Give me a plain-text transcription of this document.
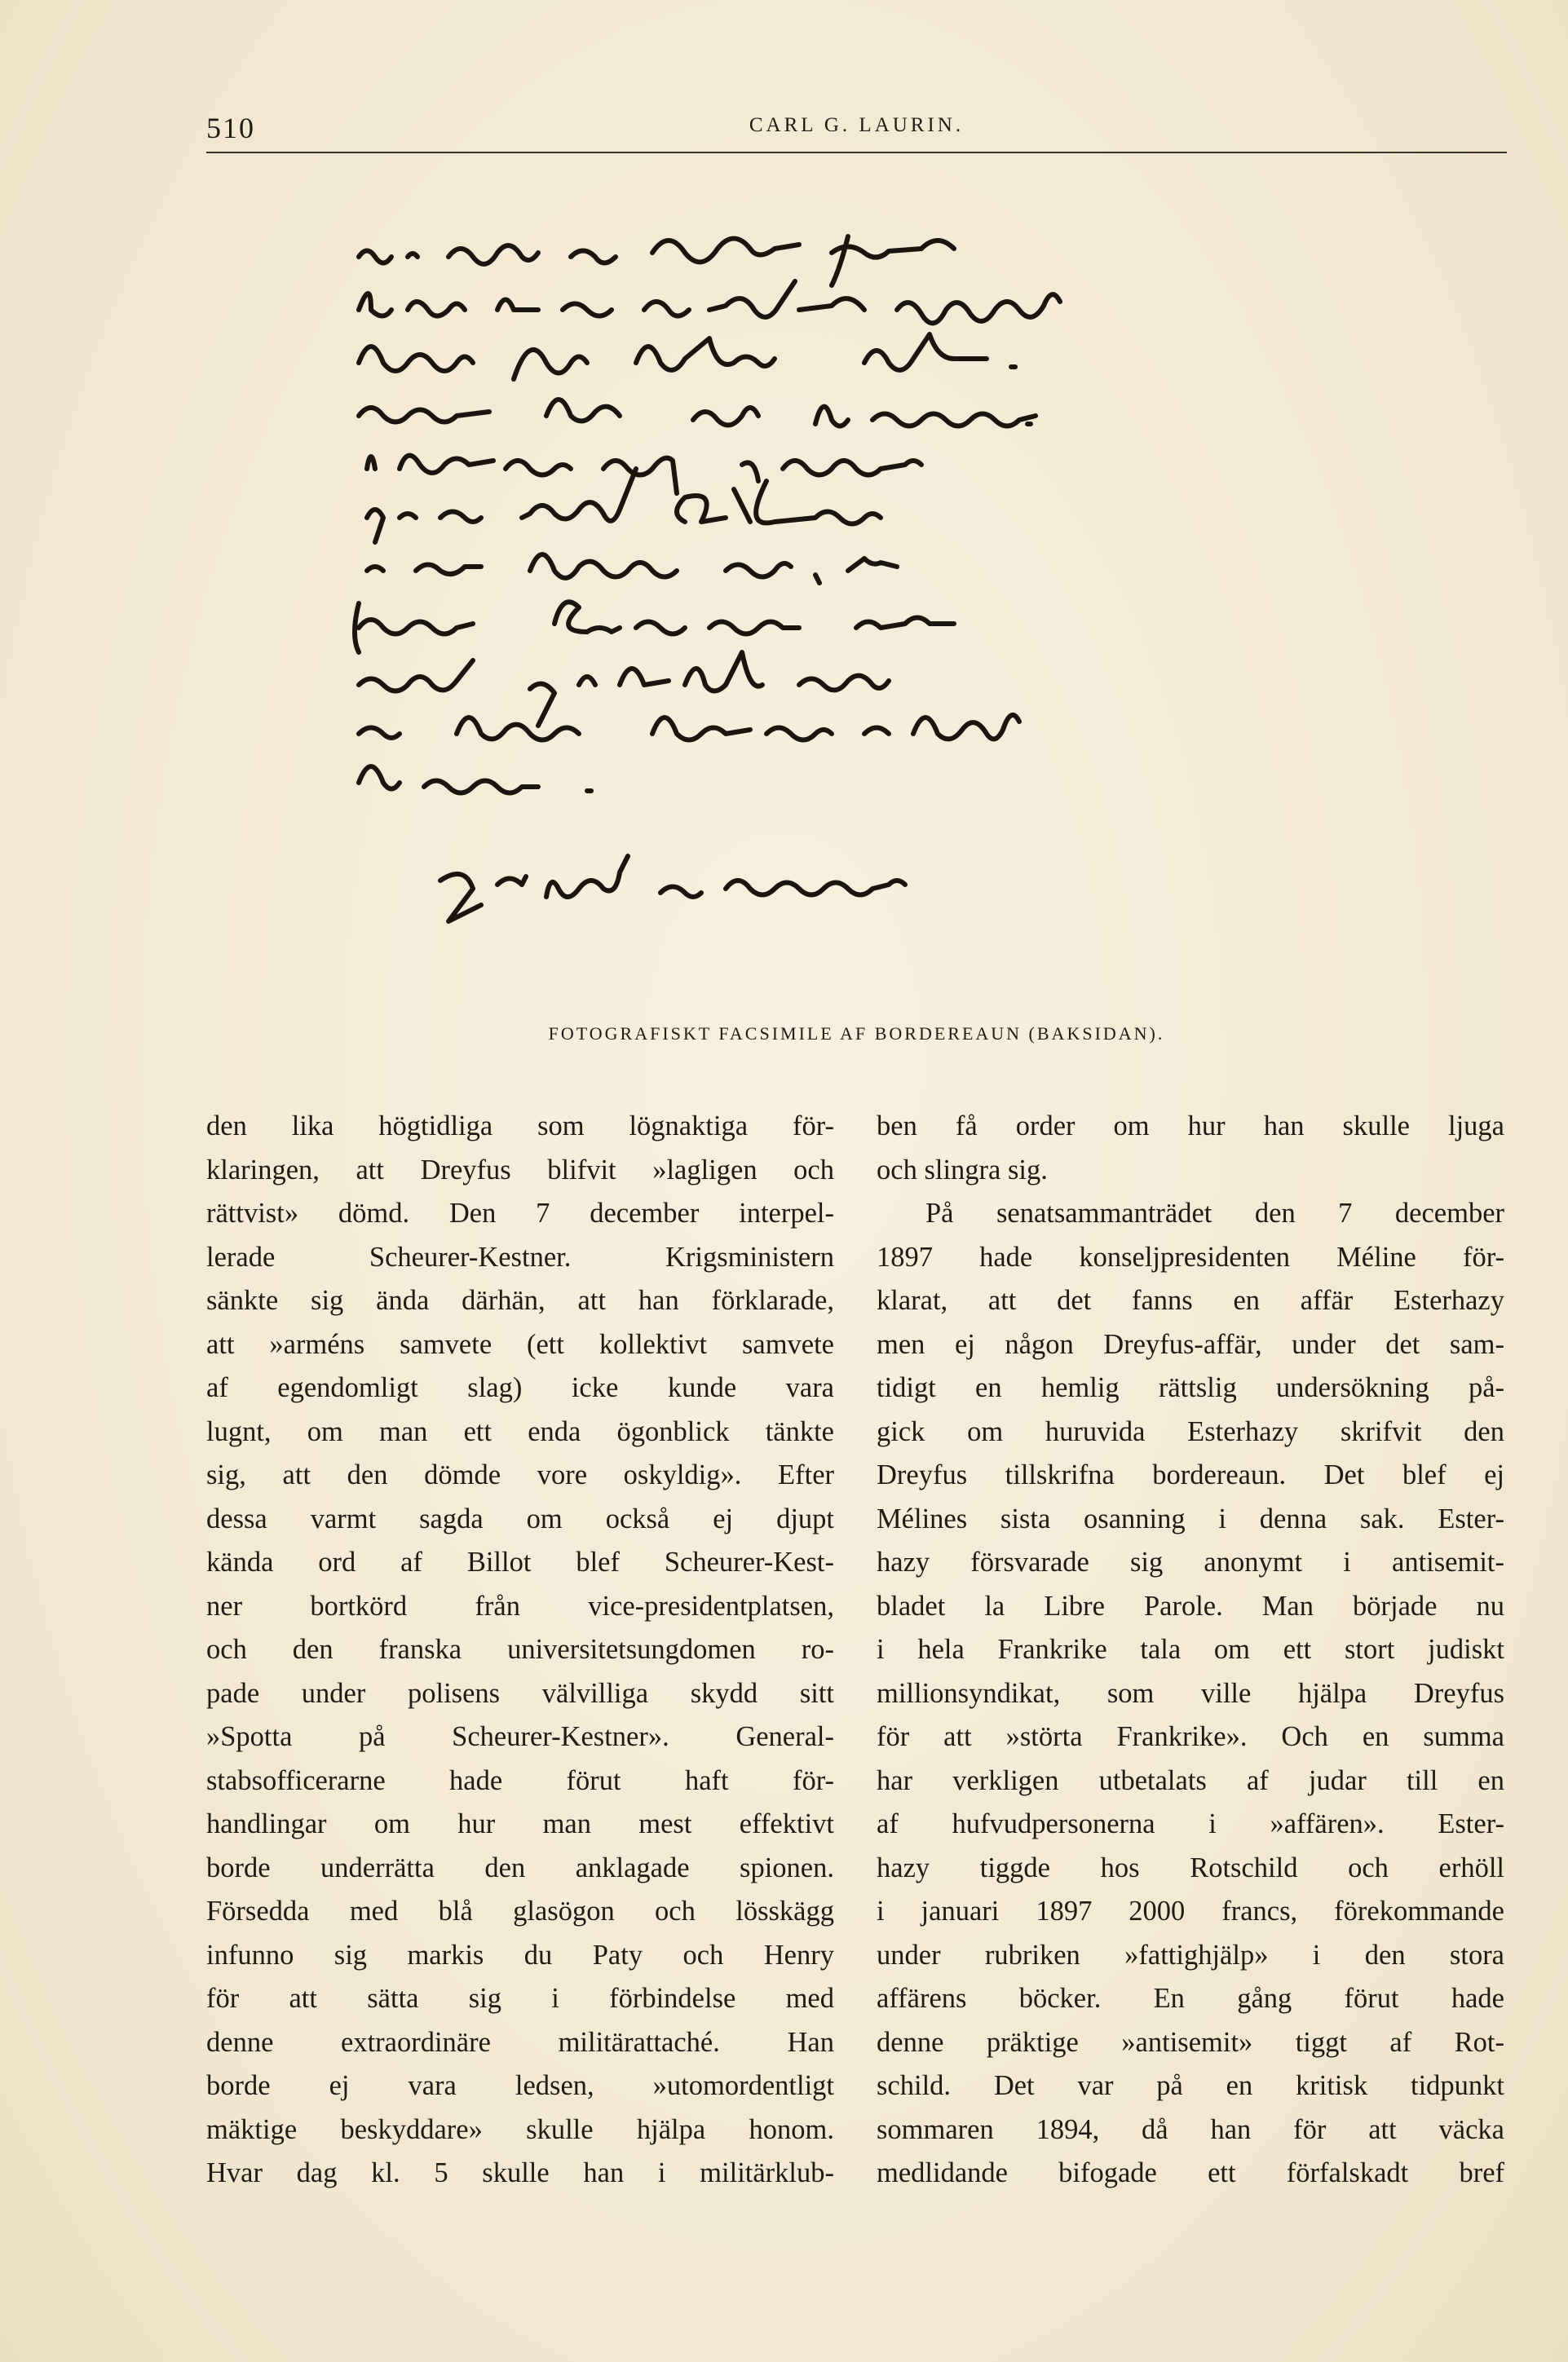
510	CARL G. LAURIN.
FOTOGRAFISKT FACSIMILE AF BORDEREAUN (BAKSIDAN).
den lika högtidliga som lögnaktiga för-
klaringen, att Dreyfus blifvit »lagligen och
rättvist» dömd. Den 7 december interpel-
lerade Scheurer-Kestner. Krigsministern
sänkte sig ända därhän, att han förklarade,
att »arméns samvete (ett kollektivt samvete
af egendomligt slag) icke kunde vara
lugnt, om man ett enda ögonblick tänkte
sig, att den dömde vore oskyldig». Efter
dessa varmt sagda om också ej djupt
kända ord af Billot blef Scheurer-Kest-
ner bortkörd från vice-presidentplatsen,
och den franska universitetsungdomen ro-
pade under polisens välvilliga skydd sitt
»Spotta på Scheurer-Kestner». General-
stabsofficerarne hade förut haft för-
handlingar om hur man mest effektivt
borde underrätta den anklagade spionen.
Försedda med blå glasögon och lösskägg
infunno sig markis du Paty och Henry
för att sätta sig i förbindelse med
denne extraordinäre militärattaché. Han
borde ej vara ledsen, »utomordentligt
mäktige beskyddare» skulle hjälpa honom.
Hvar dag kl. 5 skulle han i militärklub-
ben få order om hur han skulle ljuga
och slingra sig.
På senatsammanträdet den 7 december
1897 hade konseljpresidenten Méline för-
klarat, att det fanns en affär Esterhazy
men ej någon Dreyfus-affär, under det sam-
tidigt en hemlig rättslig undersökning på-
gick om huruvida Esterhazy skrifvit den
Dreyfus tillskrifna bordereaun. Det blef ej
Mélines sista osanning i denna sak. Ester-
hazy försvarade sig anonymt i antisemit-
bladet la Libre Parole. Man började nu
i hela Frankrike tala om ett stort judiskt
millionsyndikat, som ville hjälpa Dreyfus
för att »störta Frankrike». Och en summa
har verkligen utbetalats af judar till en
af hufvudpersonerna i »affären». Ester-
hazy tiggde hos Rotschild och erhöll
i januari 1897 2000 francs, förekommande
under rubriken »fattighjälp» i den stora
affärens böcker. En gång förut hade
denne präktige »antisemit» tiggt af Rot-
schild. Det var på en kritisk tidpunkt
sommaren 1894, då han för att väcka
medlidande bifogade ett förfalskadt bref
